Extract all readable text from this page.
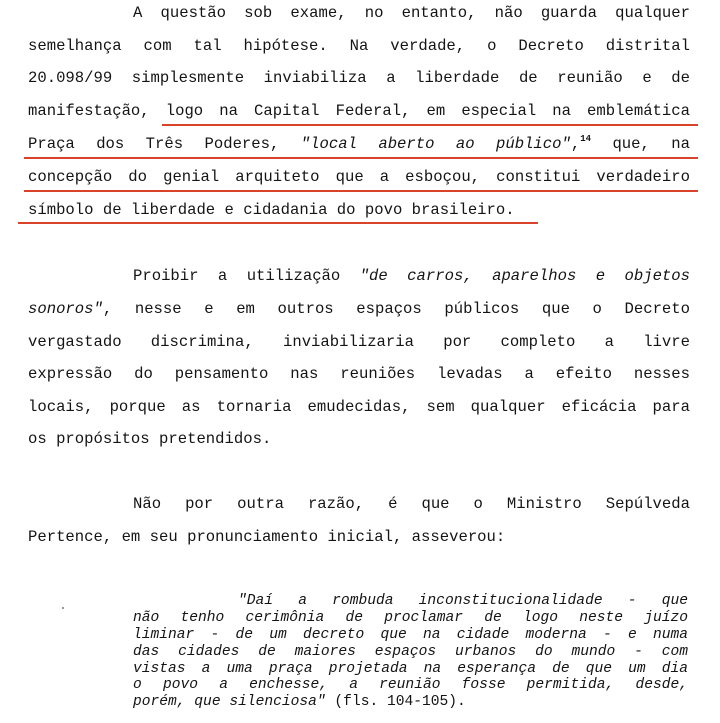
A questão sob exame, no entanto, não guarda qualquer
semelhança com tal hipótese. Na verdade, o Decreto distrital
20.098/99 simplesmente inviabiliza a liberdade de reunião e de
manifestação, logo na Capital Federal, em especial na emblemática
Praça dos Três Poderes, "local aberto ao público",$^{14}$ que, na
concepção do genial arquiteto que a esboçou, constitui verdadeiro
símbolo de liberdade e cidadania do povo brasileiro.
Proibir a utilização "de carros, aparelhos e objetos
sonoros", nesse e em outros espaços públicos que o Decreto
vergastado discrimina, inviabilizaria por completo a livre
expressão do pensamento nas reuniões levadas a efeito nesses
locais, porque as tornaria emudecidas, sem qualquer eficácia para
os propósitos pretendidos.
Não por outra razão, é que o Ministro Sepúlveda
Pertence, em seu pronunciamento inicial, asseverou:
"Daí a rombuda inconstitucionalidade - que
não tenho cerimônia de proclamar de logo neste juízo
liminar - de um decreto que na cidade moderna - e numa
das cidades de maiores espaços urbanos do mundo - com
vistas a uma praça projetada na esperança de que um dia
o povo a enchesse, a reunião fosse permitida, desde,
porém, que silenciosa" (fls. 104-105).
